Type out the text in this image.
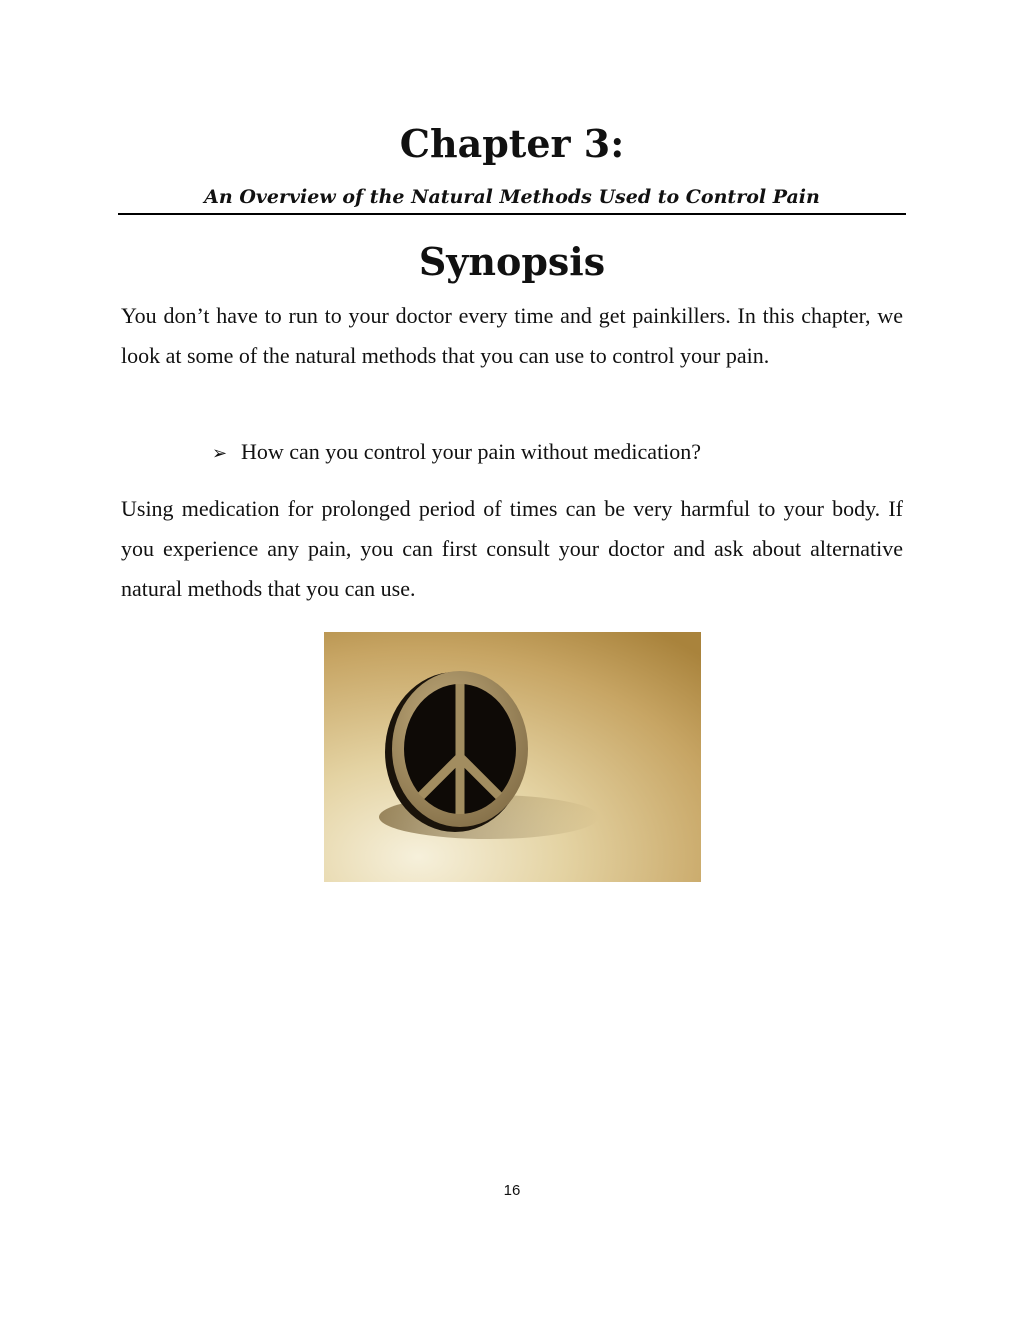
Chapter 3:
An Overview of the Natural Methods Used to Control Pain
Synopsis

You don’t have to run to your doctor every time and get painkillers. In this chapter, we look at some of the natural methods that you can use to control your pain.

➢ How can you control your pain without medication?

Using medication for prolonged period of times can be very harmful to your body. If you experience any pain, you can first consult your doctor and ask about alternative natural methods that you can use.

16
